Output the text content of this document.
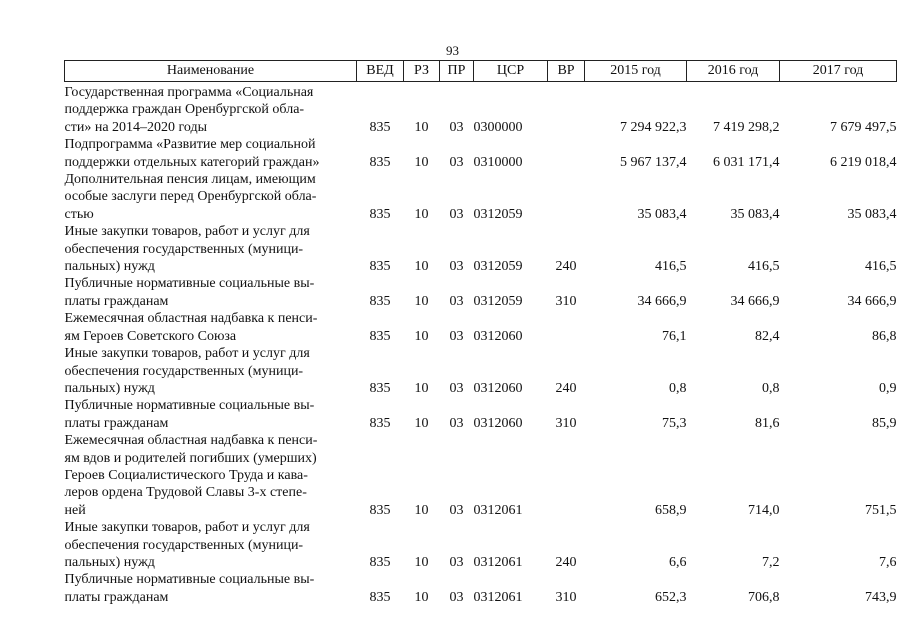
93
Наименование	ВЕД	РЗ	ПР	ЦСР	ВР	2015 год	2016 год	2017 год

Государственная программа «Социальная
поддержка граждан Оренбургской обла-
сти» на 2014–2020 годы	835	10	03	0300000		7 294 922,3	7 419 298,2	7 679 497,5

Подпрограмма «Развитие мер социальной
поддержки отдельных категорий граждан»	835	10	03	0310000		5 967 137,4	6 031 171,4	6 219 018,4

Дополнительная пенсия лицам, имеющим
особые заслуги перед Оренбургской обла-
стью	835	10	03	0312059		35 083,4	35 083,4	35 083,4

Иные закупки товаров, работ и услуг для
обеспечения государственных (муници-
пальных) нужд	835	10	03	0312059	240	416,5	416,5	416,5

Публичные нормативные социальные вы-
платы гражданам	835	10	03	0312059	310	34 666,9	34 666,9	34 666,9

Ежемесячная областная надбавка к пенси-
ям Героев Советского Союза	835	10	03	0312060		76,1	82,4	86,8

Иные закупки товаров, работ и услуг для
обеспечения государственных (муници-
пальных) нужд	835	10	03	0312060	240	0,8	0,8	0,9

Публичные нормативные социальные вы-
платы гражданам	835	10	03	0312060	310	75,3	81,6	85,9

Ежемесячная областная надбавка к пенси-
ям вдов и родителей погибших (умерших)
Героев Социалистического Труда и кава-
леров ордена Трудовой Славы 3-х степе-
ней	835	10	03	0312061		658,9	714,0	751,5

Иные закупки товаров, работ и услуг для
обеспечения государственных (муници-
пальных) нужд	835	10	03	0312061	240	6,6	7,2	7,6

Публичные нормативные социальные вы-
платы гражданам	835	10	03	0312061	310	652,3	706,8	743,9
